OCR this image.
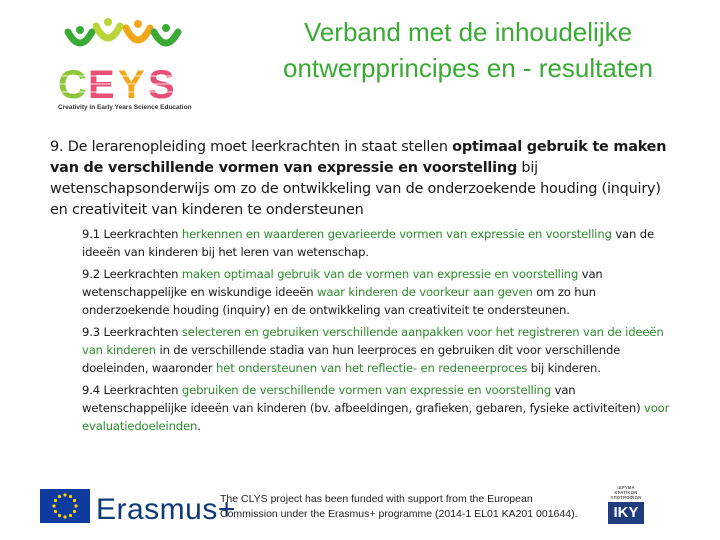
C E Y S
Creativity in Early Years Science Education
Verband met de inhoudelijke ontwerpprincipes en - resultaten

9. De lerarenopleiding moet leerkrachten in staat stellen optimaal gebruik te maken van de verschillende vormen van expressie en voorstelling bij wetenschapsonderwijs om zo de ontwikkeling van de onderzoekende houding (inquiry) en creativiteit van kinderen te ondersteunen

9.1 Leerkrachten herkennen en waarderen gevarieerde vormen van expressie en voorstelling van de ideeën van kinderen bij het leren van wetenschap.

9.2 Leerkrachten maken optimaal gebruik van de vormen van expressie en voorstelling van wetenschappelijke en wiskundige ideeën waar kinderen de voorkeur aan geven om zo hun onderzoekende houding (inquiry) en de ontwikkeling van creativiteit te ondersteunen.

9.3 Leerkrachten selecteren en gebruiken verschillende aanpakken voor het registreren van de ideeën van kinderen in de verschillende stadia van hun leerproces en gebruiken dit voor verschillende doeleinden, waaronder het ondersteunen van het reflectie- en redeneerproces bij kinderen.

9.4 Leerkrachten gebruiken de verschillende vormen van expressie en voorstelling van wetenschappelijke ideeën van kinderen (bv. afbeeldingen, grafieken, gebaren, fysieke activiteiten) voor evaluatiedoeleinden.

Erasmus+
The CLYS project has been funded with support from the European
Commission under the Erasmus+ programme (2014-1 EL01 KA201 001644).
ΙΔΡΥΜΑ ΚΡΑΤΙΚΩΝ ΥΠΟΤΡΟΦΙΩΝ
IKY
